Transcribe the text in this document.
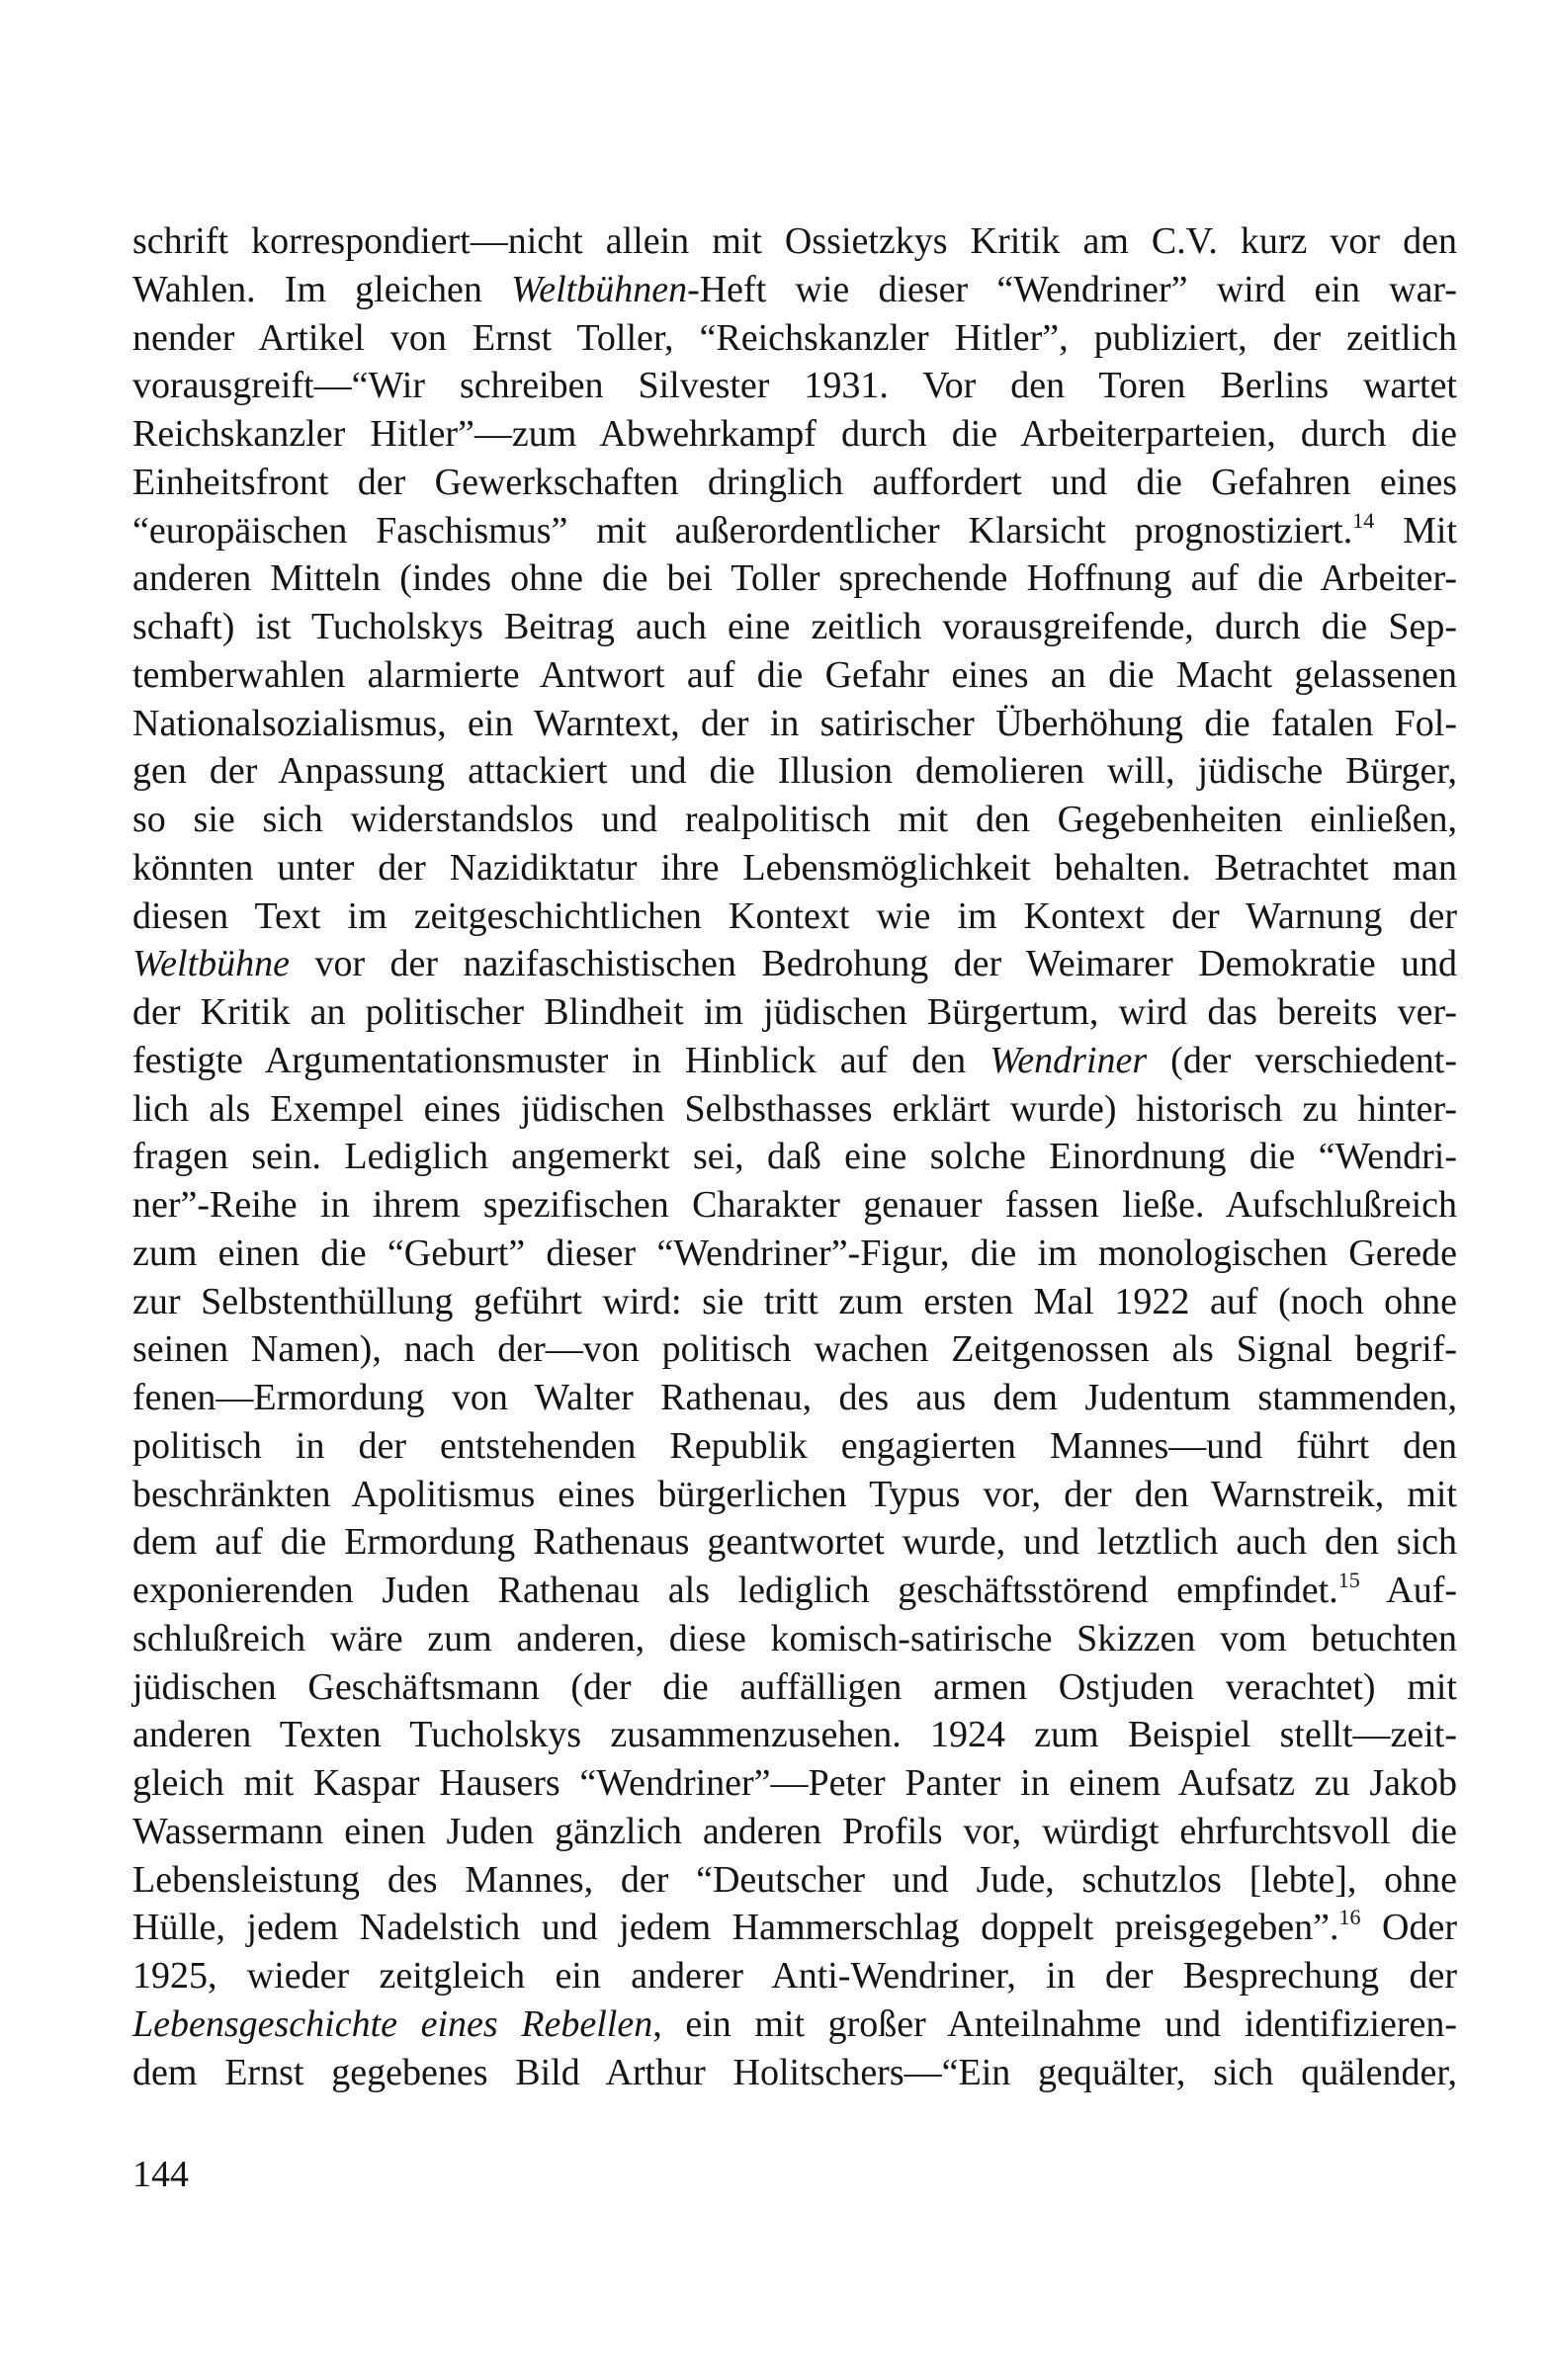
schrift korrespondiert—nicht allein mit Ossietzkys Kritik am C.V. kurz vor den
Wahlen. Im gleichen Weltbühnen-Heft wie dieser “Wendriner” wird ein war-
nender Artikel von Ernst Toller, “Reichskanzler Hitler”, publiziert, der zeitlich
vorausgreift—“Wir schreiben Silvester 1931. Vor den Toren Berlins wartet
Reichskanzler Hitler”—zum Abwehrkampf durch die Arbeiterparteien, durch die
Einheitsfront der Gewerkschaften dringlich auffordert und die Gefahren eines
“europäischen Faschismus” mit außerordentlicher Klarsicht prognostiziert.$^{14}$ Mit
anderen Mitteln (indes ohne die bei Toller sprechende Hoffnung auf die Arbeiter-
schaft) ist Tucholskys Beitrag auch eine zeitlich vorausgreifende, durch die Sep-
temberwahlen alarmierte Antwort auf die Gefahr eines an die Macht gelassenen
Nationalsozialismus, ein Warntext, der in satirischer Überhöhung die fatalen Fol-
gen der Anpassung attackiert und die Illusion demolieren will, jüdische Bürger,
so sie sich widerstandslos und realpolitisch mit den Gegebenheiten einließen,
könnten unter der Nazidiktatur ihre Lebensmöglichkeit behalten. Betrachtet man
diesen Text im zeitgeschichtlichen Kontext wie im Kontext der Warnung der
Weltbühne vor der nazifaschistischen Bedrohung der Weimarer Demokratie und
der Kritik an politischer Blindheit im jüdischen Bürgertum, wird das bereits ver-
festigte Argumentationsmuster in Hinblick auf den Wendriner (der verschiedent-
lich als Exempel eines jüdischen Selbsthasses erklärt wurde) historisch zu hinter-
fragen sein. Lediglich angemerkt sei, daß eine solche Einordnung die “Wendri-
ner”-Reihe in ihrem spezifischen Charakter genauer fassen ließe. Aufschlußreich
zum einen die “Geburt” dieser “Wendriner”-Figur, die im monologischen Gerede
zur Selbstenthüllung geführt wird: sie tritt zum ersten Mal 1922 auf (noch ohne
seinen Namen), nach der—von politisch wachen Zeitgenossen als Signal begrif-
fenen—Ermordung von Walter Rathenau, des aus dem Judentum stammenden,
politisch in der entstehenden Republik engagierten Mannes—und führt den
beschränkten Apolitismus eines bürgerlichen Typus vor, der den Warnstreik, mit
dem auf die Ermordung Rathenaus geantwortet wurde, und letztlich auch den sich
exponierenden Juden Rathenau als lediglich geschäftsstörend empfindet.$^{15}$ Auf-
schlußreich wäre zum anderen, diese komisch-satirische Skizzen vom betuchten
jüdischen Geschäftsmann (der die auffälligen armen Ostjuden verachtet) mit
anderen Texten Tucholskys zusammenzusehen. 1924 zum Beispiel stellt—zeit-
gleich mit Kaspar Hausers “Wendriner”—Peter Panter in einem Aufsatz zu Jakob
Wassermann einen Juden gänzlich anderen Profils vor, würdigt ehrfurchtsvoll die
Lebensleistung des Mannes, der “Deutscher und Jude, schutzlos [lebte], ohne
Hülle, jedem Nadelstich und jedem Hammerschlag doppelt preisgegeben”.$^{16}$ Oder
1925, wieder zeitgleich ein anderer Anti-Wendriner, in der Besprechung der
Lebensgeschichte eines Rebellen, ein mit großer Anteilnahme und identifizieren-
dem Ernst gegebenes Bild Arthur Holitschers—“Ein gequälter, sich quälender,
144
